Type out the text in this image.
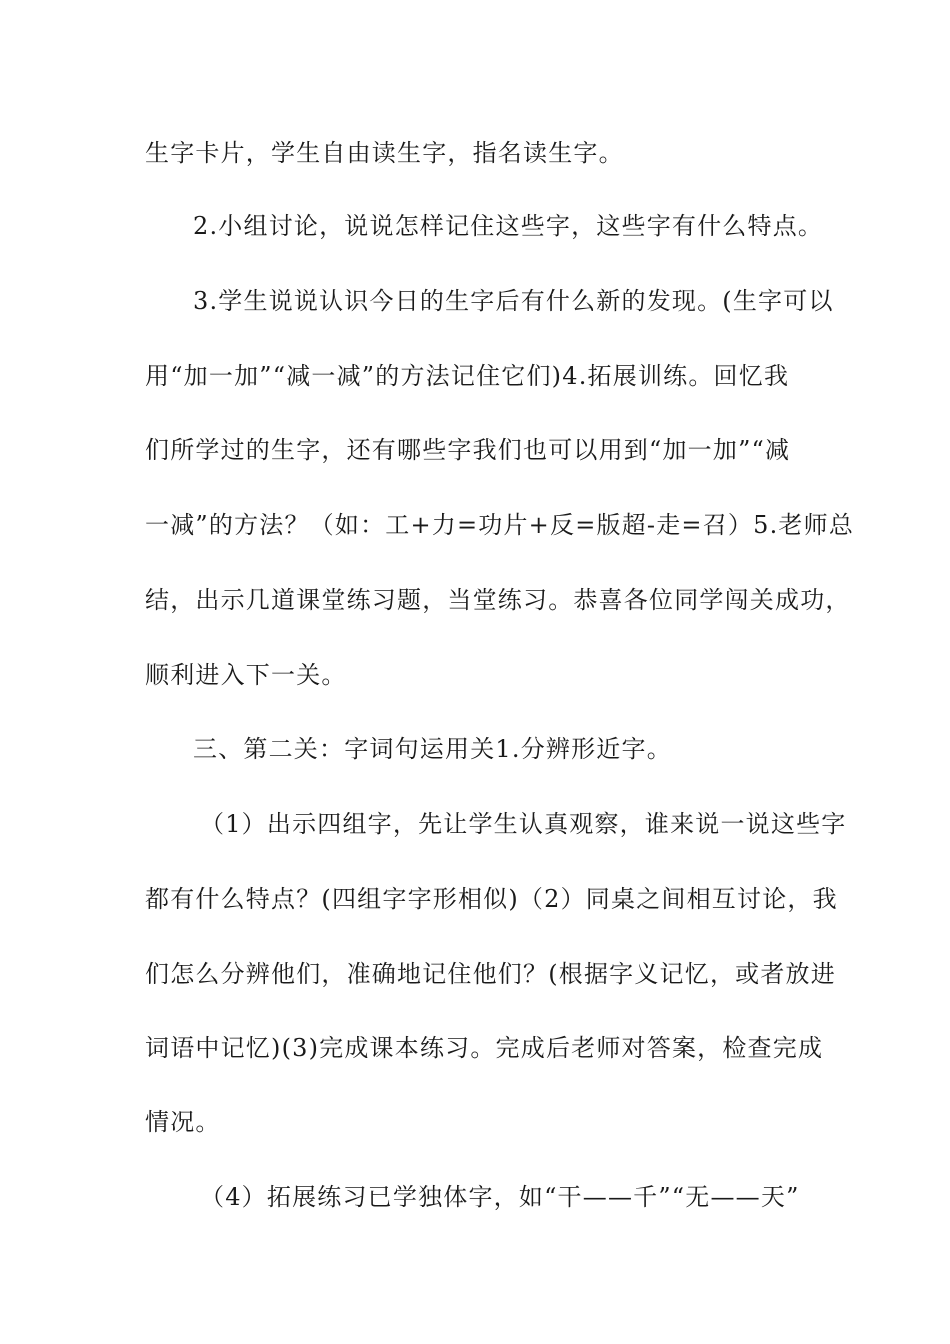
生字卡片，学生自由读生字，指名读生字。
2.小组讨论，说说怎样记住这些字，这些字有什么特点。
3.学生说说认识今日的生字后有什么新的发现。(生字可以
用“加一加”“减一减”的方法记住它们)4.拓展训练。回忆我
们所学过的生字，还有哪些字我们也可以用到“加一加”“减
一减”的方法？（如：工+力=功片+反=版超-走=召）5.老师总
结，出示几道课堂练习题，当堂练习。恭喜各位同学闯关成功，
顺利进入下一关。
三、第二关：字词句运用关1.分辨形近字。
（1）出示四组字，先让学生认真观察，谁来说一说这些字
都有什么特点？(四组字字形相似)（2）同桌之间相互讨论，我
们怎么分辨他们，准确地记住他们？(根据字义记忆，或者放进
词语中记忆)(3)完成课本练习。完成后老师对答案，检查完成
情况。
（4）拓展练习已学独体字，如“干——千”“无——天”
